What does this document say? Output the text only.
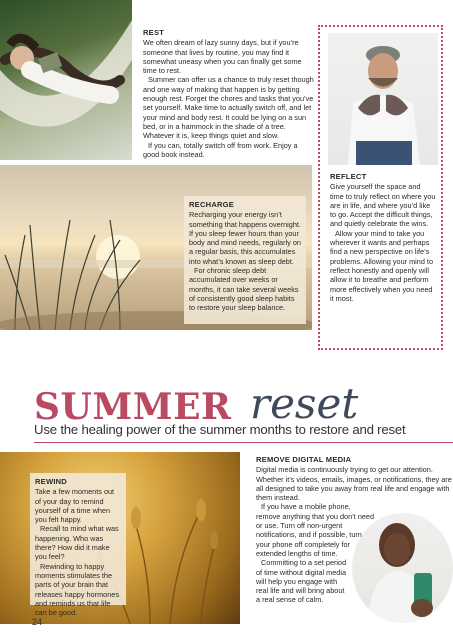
REST

We often dream of lazy sunny days, but if you’re someone that lives by routine, you may find it somewhat uneasy when you can finally get some time to rest.

Summer can offer us a chance to truly reset though and one way of making that happen is by getting enough rest. Forget the chores and tasks that you’ve set yourself. Make time to actually switch off, and let your mind and body rest. It could be lying on a sun bed, or in a hammock in the shade of a tree. Whatever it is, keep things quiet and slow.

If you can, totally switch off from work. Enjoy a good book instead.

REFLECT

Give yourself the space and time to truly reflect on where you are in life, and where you’d like to go. Accept the difficult things, and quietly celebrate the wins.

Allow your mind to take you wherever it wants and perhaps find a new perspective on life’s problems. Allowing your mind to reflect honestly and openly will allow it to breathe and perform more effectively when you need it most.

RECHARGE

Recharging your energy isn’t something that happens overnight. If you sleep fewer hours than your body and mind needs, regularly on a regular basis, this accumulates into what’s known as sleep debt.

For chronic sleep debt accumulated over weeks or months, it can take several weeks of consistently good sleep habits to restore your sleep balance.

SUMMER reset
Use the healing power of the summer months to restore and reset
REWIND

Take a few moments out of your day to remind yourself of a time when you felt happy.

Recall to mind what was happening. Who was there? How did it make you feel?

Rewinding to happy moments stimulates the parts of your brain that releases happy hormones and reminds us that life can be good.

REMOVE DIGITAL MEDIA

Digital media is continuously trying to get our attention. Whether it’s videos, emails, images, or notifications, they are all designed to take you away from real life and engage with them instead.

If you have a mobile phone, remove anything that you don’t need or use. Turn off non-urgent notifications, and if possible, turn your phone off completely for extended lengths of time.

Committing to a set period of time without digital media will help you engage with real life and will bring about a real sense of calm.

24
